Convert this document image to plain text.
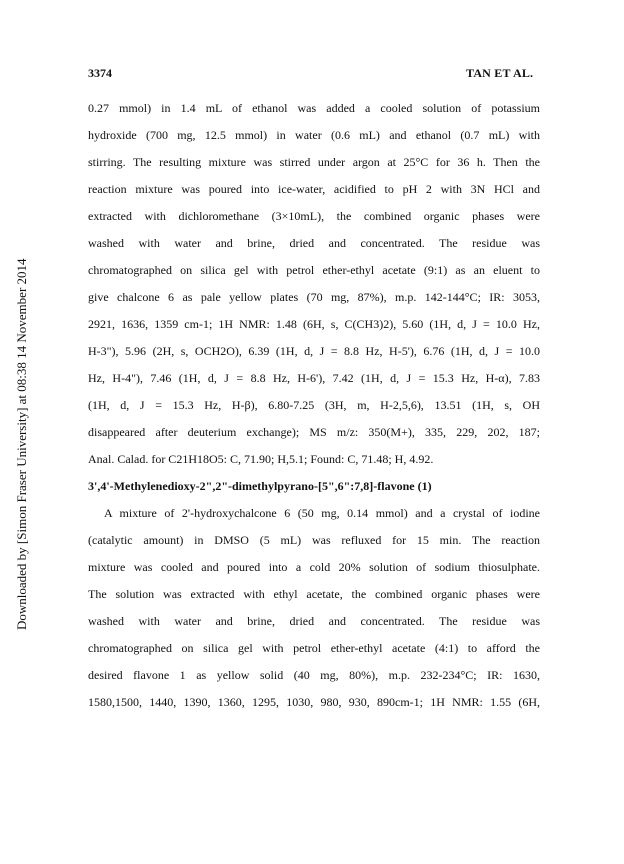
3374	TAN ET AL.
Downloaded by [Simon Fraser University] at 08:38 14 November 2014
0.27 mmol) in 1.4 mL of ethanol was added a cooled solution of potassium
hydroxide (700 mg, 12.5 mmol) in water (0.6 mL) and ethanol (0.7 mL) with
stirring. The resulting mixture was stirred under argon at 25°C for 36 h. Then the
reaction mixture was poured into ice-water, acidified to pH 2 with 3N HCl and
extracted with dichloromethane (3×10mL), the combined organic phases were
washed with water and brine, dried and concentrated. The residue was
chromatographed on silica gel with petrol ether-ethyl acetate (9:1) as an eluent to
give chalcone 6 as pale yellow plates (70 mg, 87%), m.p. 142-144°C; IR: 3053,
2921, 1636, 1359 cm-1; 1H NMR: 1.48 (6H, s, C(CH3)2), 5.60 (1H, d, J = 10.0 Hz,
H-3"), 5.96 (2H, s, OCH2O), 6.39 (1H, d, J = 8.8 Hz, H-5'), 6.76 (1H, d, J = 10.0
Hz, H-4"), 7.46 (1H, d, J = 8.8 Hz, H-6'), 7.42 (1H, d, J = 15.3 Hz, H-α), 7.83
(1H, d, J = 15.3 Hz, H-β), 6.80-7.25 (3H, m, H-2,5,6), 13.51 (1H, s, OH
disappeared after deuterium exchange); MS m/z: 350(M+), 335, 229, 202, 187;
Anal. Calad. for C21H18O5: C, 71.90; H,5.1; Found: C, 71.48; H, 4.92.
3',4'-Methylenedioxy-2",2"-dimethylpyrano-[5",6":7,8]-flavone (1)
A mixture of 2'-hydroxychalcone 6 (50 mg, 0.14 mmol) and a crystal of iodine
(catalytic amount) in DMSO (5 mL) was refluxed for 15 min. The reaction
mixture was cooled and poured into a cold 20% solution of sodium thiosulphate.
The solution was extracted with ethyl acetate, the combined organic phases were
washed with water and brine, dried and concentrated. The residue was
chromatographed on silica gel with petrol ether-ethyl acetate (4:1) to afford the
desired flavone 1 as yellow solid (40 mg, 80%), m.p. 232-234°C; IR: 1630,
1580,1500, 1440, 1390, 1360, 1295, 1030, 980, 930, 890cm-1; 1H NMR: 1.55 (6H,
